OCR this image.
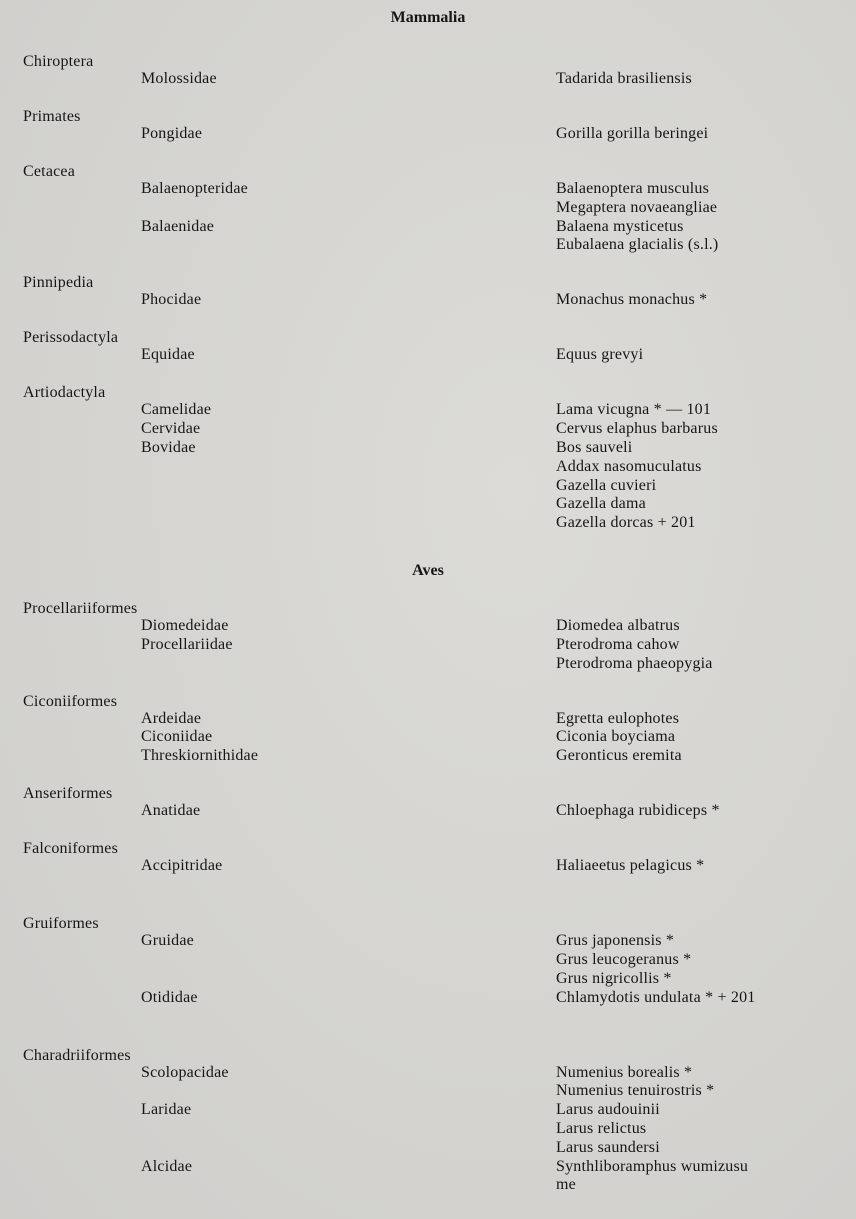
Mammalia
Chiroptera
Molossidae	Tadarida brasiliensis
Primates
Pongidae	Gorilla gorilla beringei
Cetacea
Balaenopteridae	Balaenoptera musculus
Megaptera novaeangliae
Balaenidae	Balaena mysticetus
Eubalaena glacialis (s.l.)
Pinnipedia
Phocidae	Monachus monachus *
Perissodactyla
Equidae	Equus grevyi
Artiodactyla
Camelidae	Lama vicugna * — 101
Cervidae	Cervus elaphus barbarus
Bovidae	Bos sauveli
Addax nasomuculatus
Gazella cuvieri
Gazella dama
Gazella dorcas + 201
Aves
Procellariiformes
Diomedeidae	Diomedea albatrus
Procellariidae	Pterodroma cahow
Pterodroma phaeopygia
Ciconiiformes
Ardeidae	Egretta eulophotes
Ciconiidae	Ciconia boyciama
Threskiornithidae	Geronticus eremita
Anseriformes
Anatidae	Chloephaga rubidiceps *
Falconiformes
Accipitridae	Haliaeetus pelagicus *
Gruiformes
Gruidae	Grus japonensis *
Grus leucogeranus *
Grus nigricollis *
Otididae	Chlamydotis undulata * + 201
Charadriiformes
Scolopacidae	Numenius borealis *
Numenius tenuirostris *
Laridae	Larus audouinii
Larus relictus
Larus saundersi
Alcidae	Synthliboramphus wumizusu
me
